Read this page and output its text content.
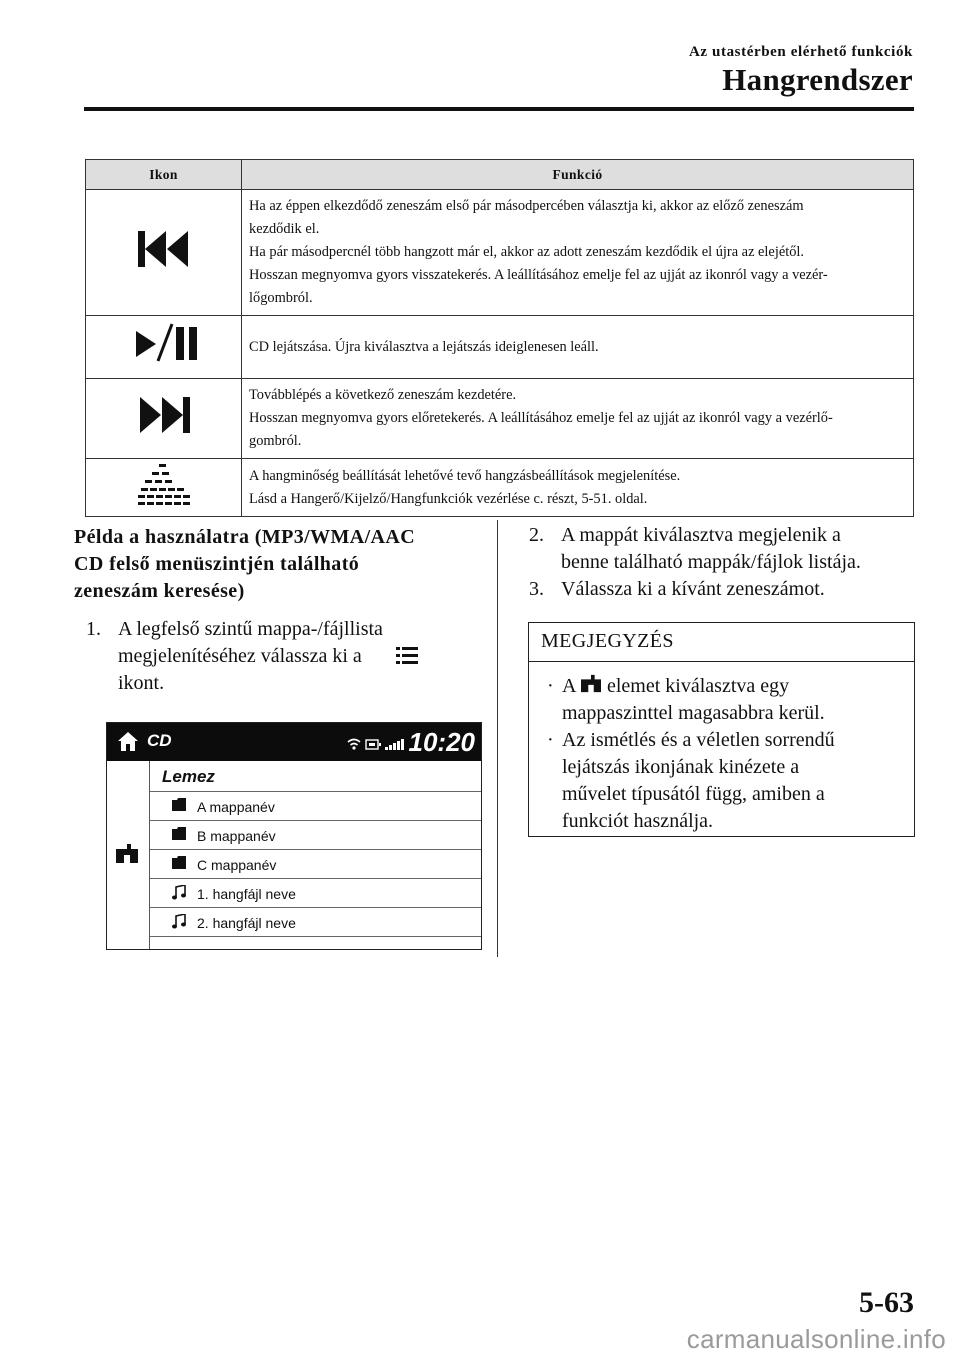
Az utastérben elérhető funkciók
Hangrendszer
Ikon	Funkció

Ha az éppen elkezdődő zeneszám első pár másodpercében választja ki, akkor az előző zeneszám
kezdődik el.
Ha pár másodpercnél több hangzott már el, akkor az adott zeneszám kezdődik el újra az elejétől.
Hosszan megnyomva gyors visszatekerés. A leállításához emelje fel az ujját az ikonról vagy a vezér-
lőgombról.

CD lejátszása. Újra kiválasztva a lejátszás ideiglenesen leáll.

Továbblépés a következő zeneszám kezdetére.
Hosszan megnyomva gyors előretekerés. A leállításához emelje fel az ujját az ikonról vagy a vezérlő-
gombról.

A hangminőség beállítását lehetővé tevő hangzásbeállítások megjelenítése.
Lásd a Hangerő/Kijelző/Hangfunkciók vezérlése c. részt, 5-51. oldal.
Példa a használatra (MP3/WMA/AAC
CD felső menüszintjén található
zeneszám keresése)
1. A legfelső szintű mappa-/fájllista
megjelenítéséhez válassza ki a
ikont.
CD	10:20
Lemez
A mappanév
B mappanév
C mappanév
1. hangfájl neve
2. hangfájl neve
2. A mappát kiválasztva megjelenik a
benne található mappák/fájlok listája.
3. Válassza ki a kívánt zeneszámot.
MEGJEGYZÉS
· A elemet kiválasztva egy
mappaszinttel magasabbra kerül.
· Az ismétlés és a véletlen sorrendű
lejátszás ikonjának kinézete a
művelet típusától függ, amiben a
funkciót használja.
5-63
carmanualsonline.info
